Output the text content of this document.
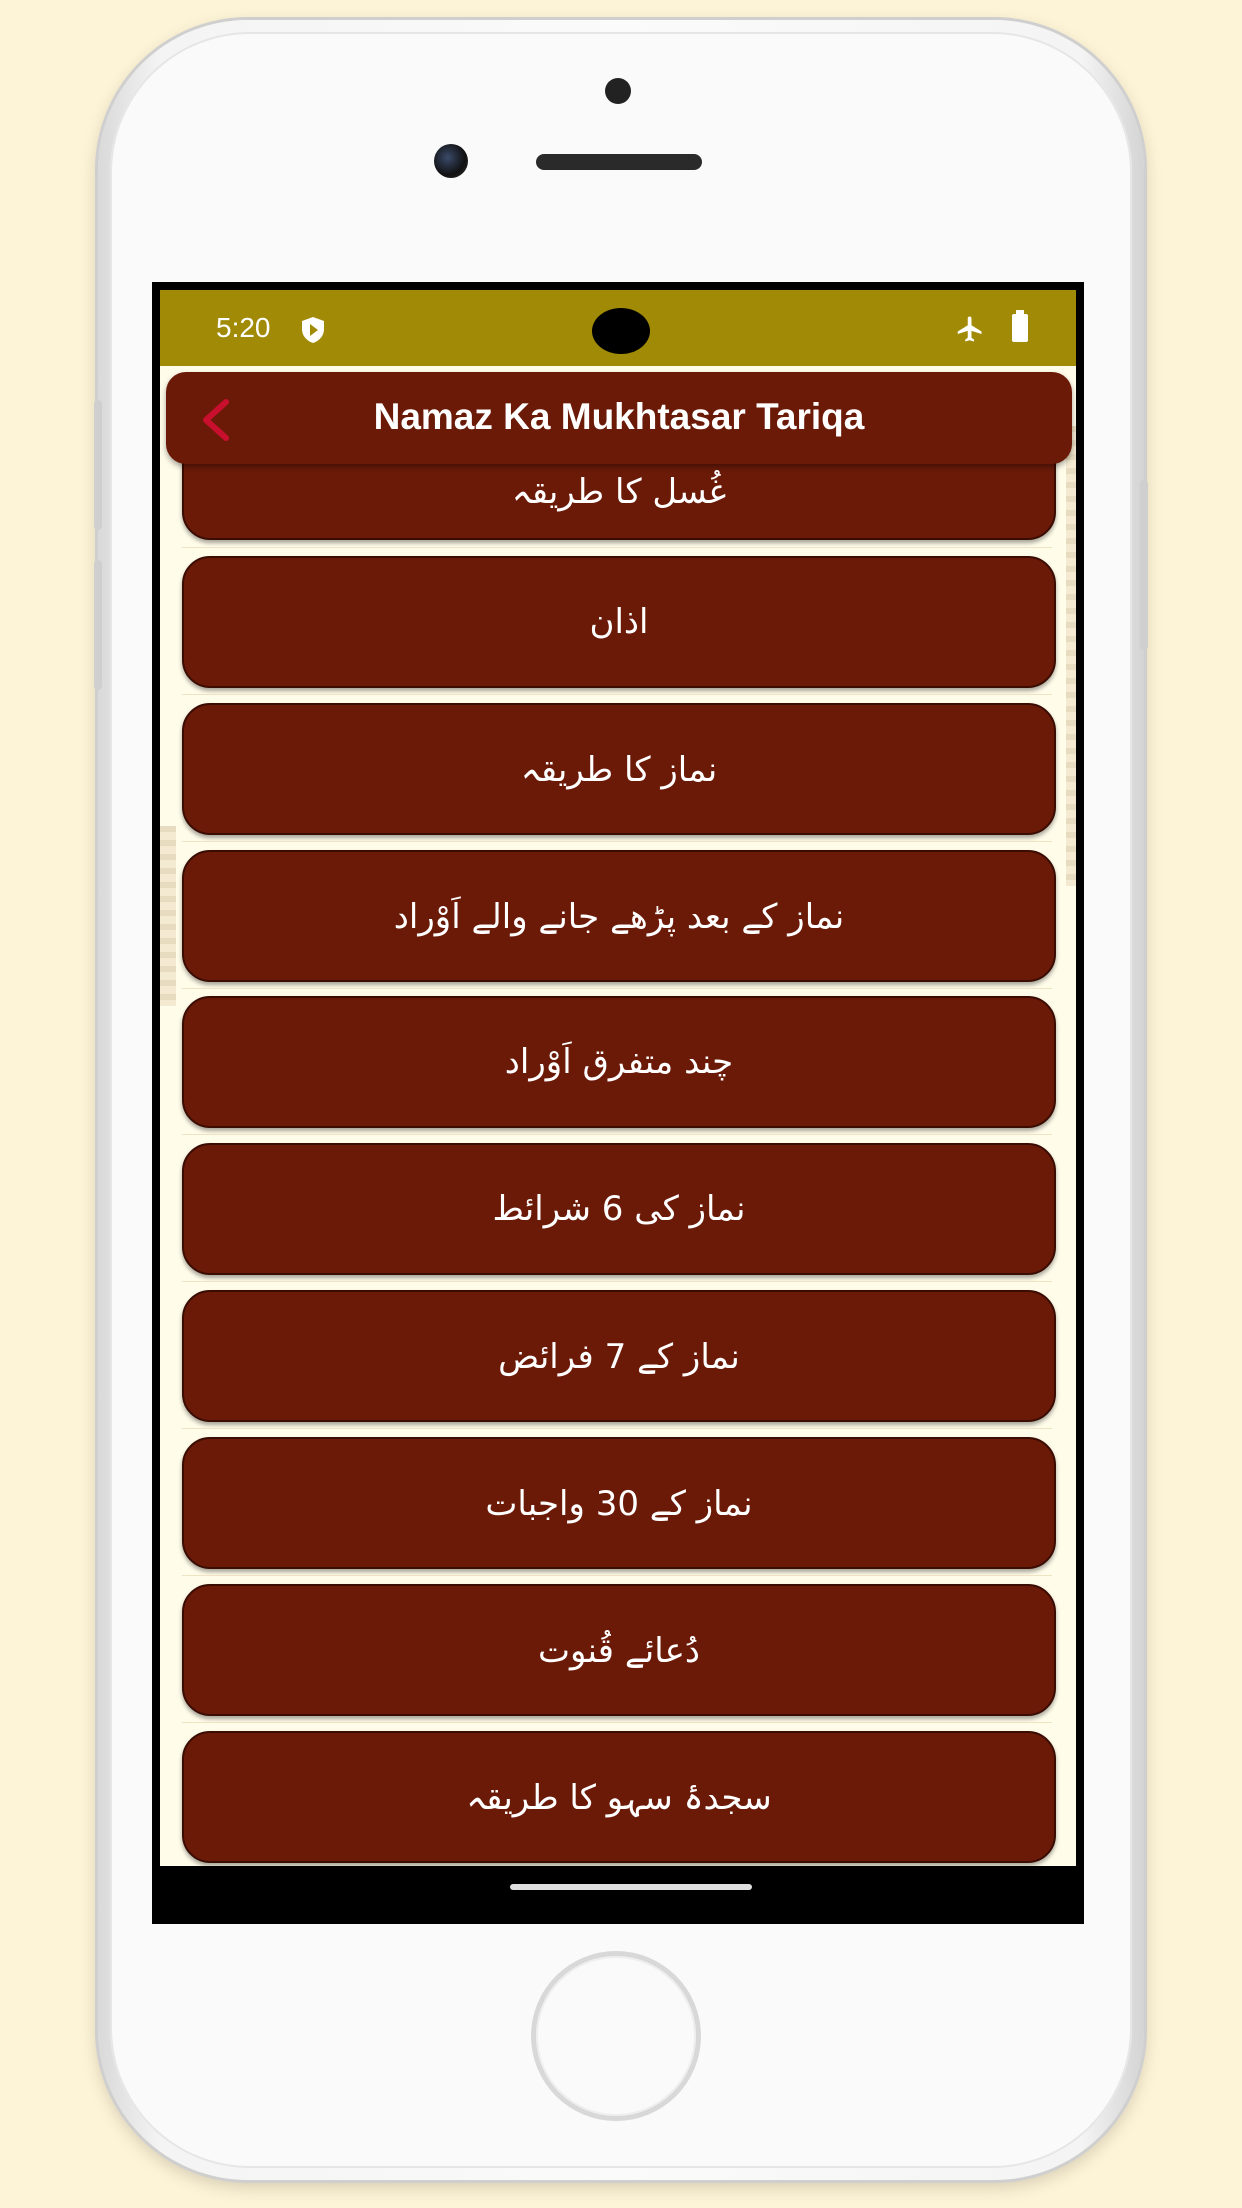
5:20
غُسل کا طریقہ
اذان
نماز کا طریقہ
نماز کے بعد پڑھے جانے والے اَوْراد
چند متفرق اَوْراد
نماز کی 6 شرائط
نماز کے 7 فرائض
نماز کے 30 واجبات
دُعائے قُنوت
سجدۂ سہو کا طریقہ
Namaz Ka Mukhtasar Tariqa
